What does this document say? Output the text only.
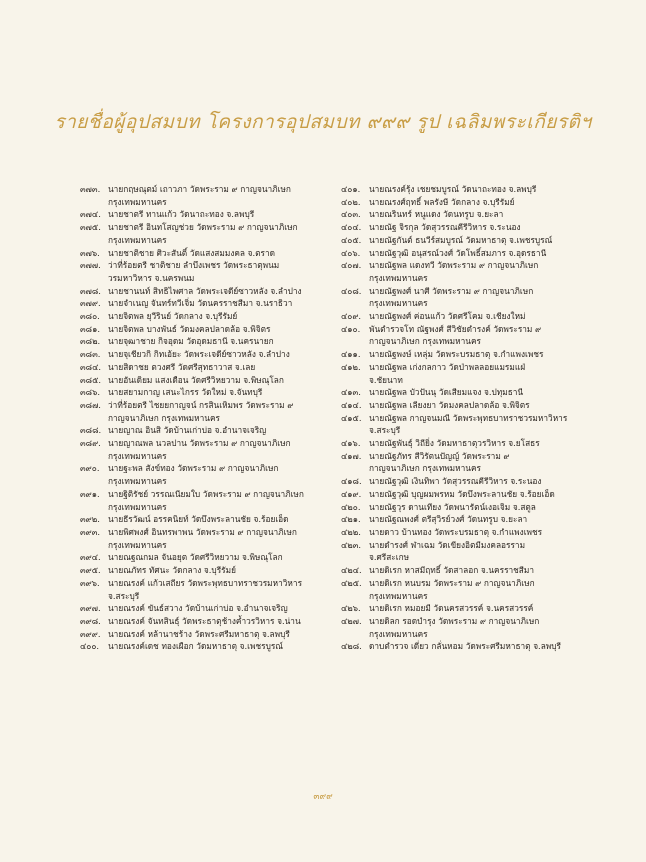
รายชื่อผู้อุปสมบท โครงการอุปสมบท ๙๙๙ รูป เฉลิมพระเกียรติฯ
๓๗๓. นายกฤษณุตม์ เถาวภา วัดพระราม ๙ กาญจนาภิเษก
กรุงเทพมหานคร
๓๗๔. นายชาตรี ทานแก้ว วัดนาถะทอง จ.ลพบุรี
๓๗๕. นายชาตรี อินทโสญช่วย วัดพระราม ๙ กาญจนาภิเษก
กรุงเทพมหานคร
๓๗๖. นายชาติชาย ศิวะสันติ์ วัดแสงสมมงคล จ.ตราด
๓๗๗. ว่าที่ร้อยตรี ชาติชาย ลำบึงเพชร วัดพระธาตุพนม
วรมหาวิหาร จ.นครพนม
๓๗๘. นายชานนท์ สิทธิไพศาล วัดพระเจดีย์ซาวหลัง จ.ลำปาง
๓๗๙. นายจำเนญ จันทร์ทวีเจิ่ม วัดนครราชสีมา จ.นราธิวา
๓๘๐. นายจิตพล ยุวีรินย์ วัดกลาง จ.บุรีรัมย์
๓๘๑. นายจิตพล บางพันธ์ วัดมงคลปลาดล้อ จ.พิจิตร
๓๘๒. นายจุฒาชาย กิจอุดม วัดอุดมธานี จ.นครนายก
๓๘๓. นายจุเชียวกิ กิทเอ้ยะ วัดพระเจดีย์ซาวหลัง จ.ลำปาง
๓๘๔. นายสิดาชย ตวงศรี วัดศรีสุทธาวาส จ.เลย
๓๘๕. นายอันเดิยม แสงเดือน วัดศรีวิหยวาม จ.พิษณุโลก
๓๘๖. นายสยามกาญ เสนะไกรร วัดใหม่ จ.จันทบุรี
๓๘๗. ว่าที่ร้อยตรี ไชยยกาญจน์ กรสินเหิมพร วัดพระราม ๙
กาญจนาภิเษก กรุงเทพมหานคร
๓๘๘. นายญาณ อินสิ วัดบ้านเก่าบ่อ จ.อำนาจเจริญ
๓๘๙. นายญาณพล นวลปาน วัดพระราม ๙ กาญจนาภิเษก
กรุงเทพมหานคร
๓๙๐.	นายฐะพล สังข์ทอง วัดพระราม ๙ กาญจนาภิเษก
กรุงเทพมหานคร
๓๙๑.	นายฐิติรัชย์ วรรณเนียมใบ วัดพระราม ๙ กาญจนาภิเษก
กรุงเทพมหานคร
๓๙๒. นายธีรวัฒน์ อรรคนิยท์ วัดบึงพระลานชัย จ.ร้อยเอ็ด
๓๙๓. นายพิศพงศ์ อินทรพาพน วัดพระราม ๙ กาญจนาภิเษก
กรุงเทพมหานคร
๓๙๔. นายณฐณกมล จันอยุต วัดศรีวิหยวาม จ.พิษณุโลก
๓๙๕. นายณภัทร ทัศนะ วัดกลาง จ.บุรีรัมย์
๓๙๖.	นายณรงค์ แก้วเสถียร วัดพระพุทธบาทราชวรมหาวิหาร
จ.สระบุรี
๓๙๗. นายณรงค์ ขันธ์สวาง วัดบ้านเก่าบ่อ จ.อำนาจเจริญ
๓๙๘. นายณรงค์ จันทสินธุ์ วัดพระธาตุช้างค้ำวรวิหาร จ.น่าน
๓๙๙. นายณรงค์ หล้านาชร้าง วัดพระศรีมหาธาตุ จ.ลพบุรี
๔๐๐.	นายณรงค์เดช ทองเผือก วัดมหาธาตุ จ.เพชรบูรณ์
๔๐๑.	นายณรงค์รุ้ง เชยชมบูรณ์ วัดนาถะทอง จ.ลพบุรี
๔๐๒.	นายณรงศ์ฤทธิ์ พลรังษี วัดกลาง จ.บุรีรัมย์
๔๐๓.	นายณรินทร์ หนูแดง วัดนทรูบ จ.ยะลา
๔๐๔. นายณัฐ จิรกุล วัดสุวรรณคีรีวิหาร จ.ระนอง
๔๐๕. นายณัฐกันต์ ธนวีร์สมบูรณ์ วัดมหาธาตุ จ.เพชรบูรณ์
๔๐๖.	นายณัฐวุฒิ อนุสรณ์วงศ์ วัดโพธิ์สมภาร จ.อุดรธานี
๔๐๗. นายณัฐพล แดงทวี วัดพระราม ๙ กาญจนาภิเษก
กรุงเทพมหานคร
๔๐๘. นายณัฐพงศ์ นาศี วัดพระราม ๙ กาญจนาภิเษก
กรุงเทพมหานคร
๔๐๙. นายณัฐพงศ์ ค่อนแก้ว วัดศรีโคม จ.เชียงใหม่
๔๑๐.	พันตำรวจโท ณัฐพงศ์ สีวิชัยดำรงค์ วัดพระราม ๙
กาญจนาภิเษก กรุงเทพมหานคร
๔๑๑.	นายณัฐพงษ์ เหลุ่ม วัดพระบรมธาตุ จ.กำแพงเพชร
๔๑๒.	นายณัฐพล เก่งกลกาว วัดป่าพลลอยแมรมแฝ่
จ.ชัยนาท
๔๑๓. นายณัฐพล บัวปันนุ วัดเสียมแจง จ.ปทุมธานี
๔๑๔. นายณัฐพล เลียงยา วัดมงคลปลาดล้อ จ.พิจิตร
๔๑๕. นายณัฐพล กาญจนมณี วัดพระพุทธบาทราชวรมหาวิหาร
จ.สระบุรี
๔๑๖.	นายณัฐพันธุ์ วิถียิ่ง วัดมหาธาตุวรวิหาร จ.ยโสธร
๔๑๗. นายณัฐภัทร สีวิรัตนปัญญ์ วัดพระราม ๙
กาญจนาภิเษก กรุงเทพมหานคร
๔๑๘. นายณัฐวุฒิ เงินทิพา วัดสุวรรณคีรีวิหาร จ.ระนอง
๔๑๙. นายณัฐวุฒิ บุญผมพรหม วัดบึงพระลานชัย จ.ร้อยเอ็ด
๔๒๐.	นายณัฐวุร ดานเทียง วัดพนารัตน์เงอเจิม จ.สตูล
๔๒๑.	นายณัฐณพงศ์ ตรีสุวิรย์วงศ์ วัดนทรูบ จ.ยะลา
๔๒๒. นายดาว บ้านทอง วัดพระบรมธาตุ จ.กำแพงเพชร
๔๒๓. นายดำรงศ์ ฬาเฉม วัดเขียงอิตมีมงคลอรราม
จ.ศรีสะเกษ
๔๒๔. นายดิเรก หาสมีฤทธิ์ วัดสาลอก จ.นครราชสีมา
๔๒๕. นายดิเรก หนบรม วัดพระราม ๙ กาญจนาภิเษก
กรุงเทพมหานคร
๔๒๖.	นายดิเรก หมอยมี วัดนครสวรรค์ จ.นครสวรรค์
๔๒๗. นายดิลก รอดบำรุง วัดพระราม ๙ กาญจนาภิเษก
กรุงเทพมหานคร
๔๒๘. ดาบตำรวจ เดี่ยว กลั่นหอม วัดพระศรีมหาธาตุ จ.ลพบุรี
๓๙๙
